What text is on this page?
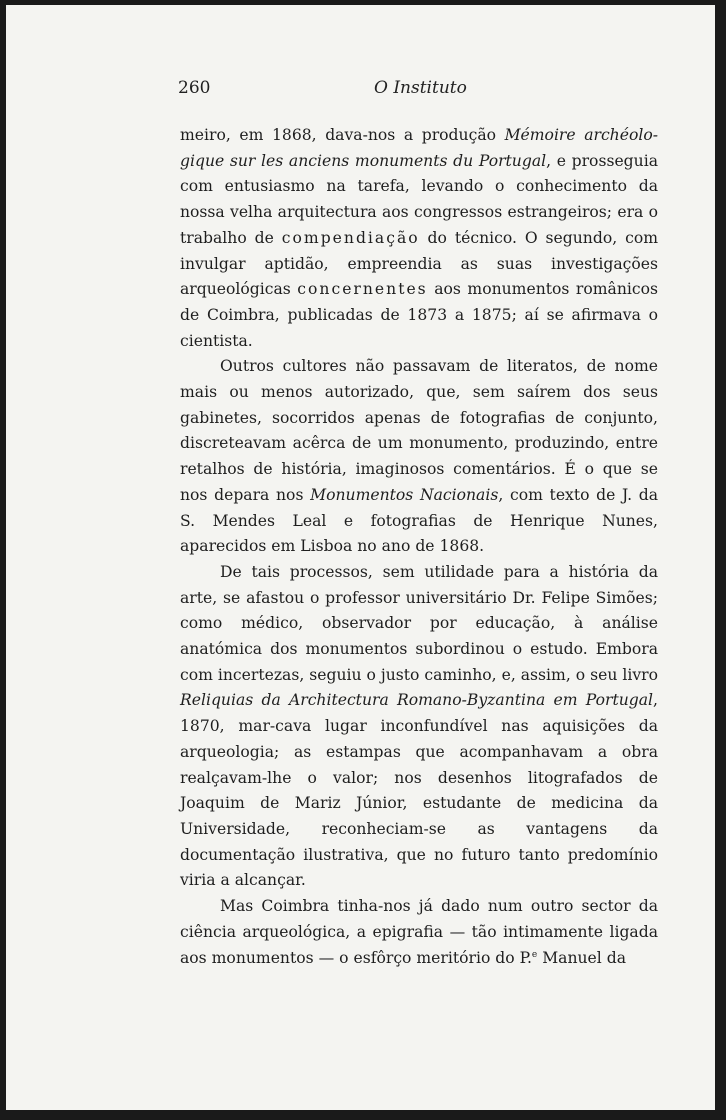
260	O Instituto

meiro, em 1868, dava-nos a produção Mémoire archéolo-gique sur les anciens monuments du Portugal, e prosseguia com entusiasmo na tarefa, levando o conhecimento da nossa velha arquitectura aos congressos estrangeiros; era o trabalho de compendiação do técnico. O segundo, com invulgar aptidão, empreendia as suas investigações arqueológicas concernentes aos monumentos românicos de Coimbra, publicadas de 1873 a 1875; aí se afirmava o cientista.

Outros cultores não passavam de literatos, de nome mais ou menos autorizado, que, sem saírem dos seus gabinetes, socorridos apenas de fotografias de conjunto, discreteavam acêrca de um monumento, produzindo, entre retalhos de história, imaginosos comentários. É o que se nos depara nos Monumentos Nacionais, com texto de J. da S. Mendes Leal e fotografias de Henrique Nunes, aparecidos em Lisboa no ano de 1868.

De tais processos, sem utilidade para a história da arte, se afastou o professor universitário Dr. Felipe Simões; como médico, observador por educação, à análise anatómica dos monumentos subordinou o estudo. Embora com incertezas, seguiu o justo caminho, e, assim, o seu livro Reliquias da Architectura Romano-Byzantina em Portugal, 1870, mar-cava lugar inconfundível nas aquisições da arqueologia; as estampas que acompanhavam a obra realçavam-lhe o valor; nos desenhos litografados de Joaquim de Mariz Júnior, estudante de medicina da Universidade, reconheciam-se as vantagens da documentação ilustrativa, que no futuro tanto predomínio viria a alcançar.

Mas Coimbra tinha-nos já dado num outro sector da ciência arqueológica, a epigrafia — tão intimamente ligada aos monumentos — o esfôrço meritório do P.$^e$ Manuel da
